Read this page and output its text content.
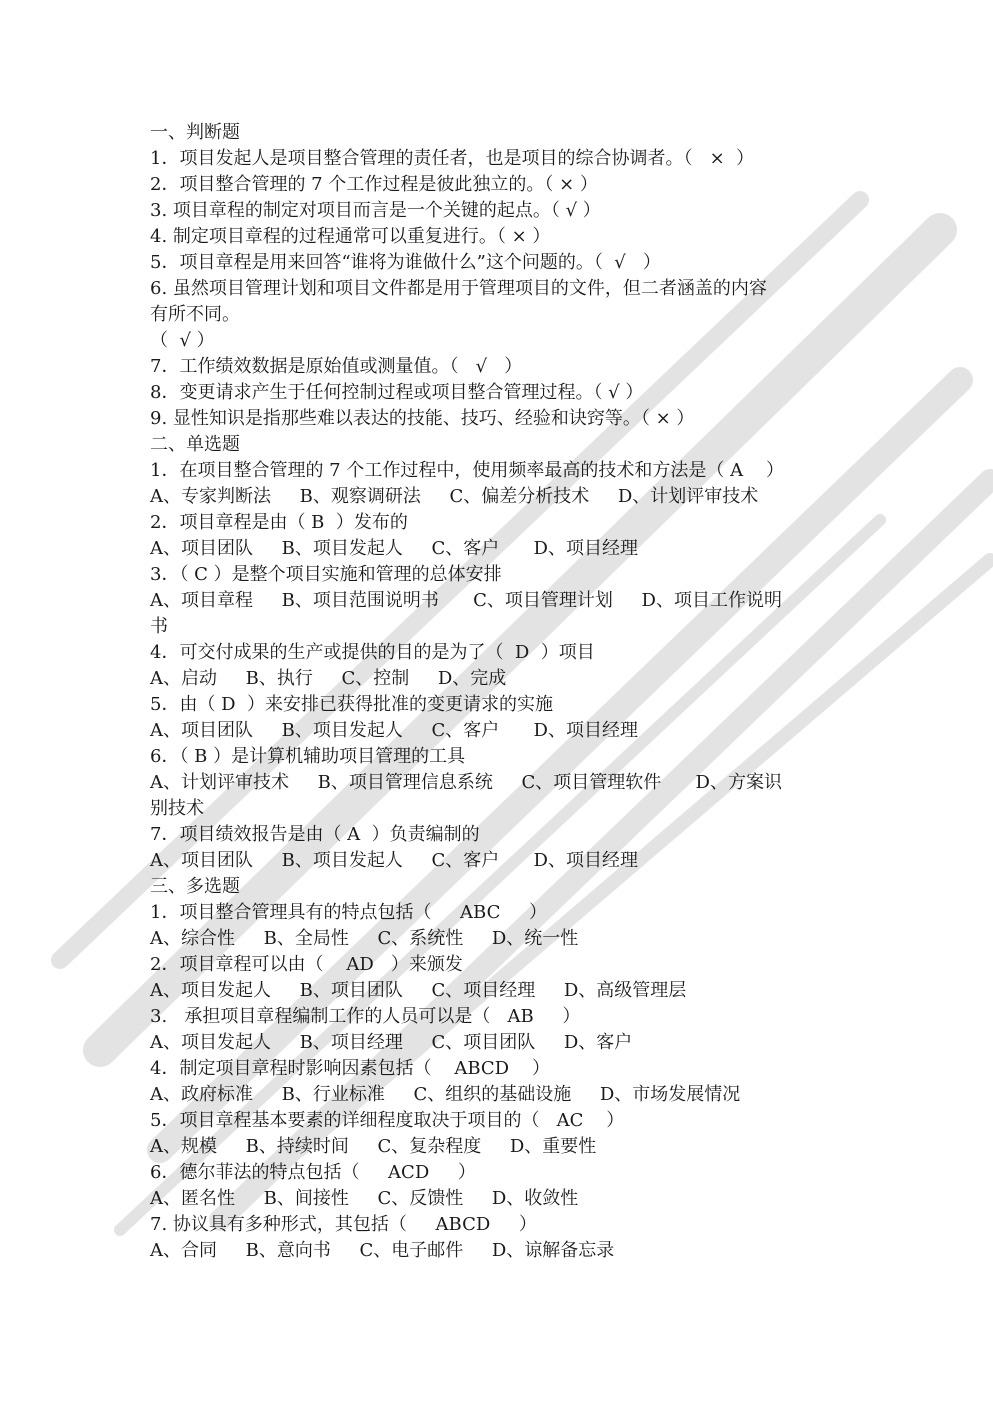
一、判断题
1．项目发起人是项目整合管理的责任者，也是项目的综合协调者。（   ×  ）
2．项目整合管理的 7 个工作过程是彼此独立的。（ × ）
3. 项目章程的制定对项目而言是一个关键的起点。（ √ ）
4. 制定项目章程的过程通常可以重复进行。（ × ）
5．项目章程是用来回答“谁将为谁做什么”这个问题的。（  √   ）
6. 虽然项目管理计划和项目文件都是用于管理项目的文件，但二者涵盖的内容
有所不同。
（  √ ）
7．工作绩效数据是原始值或测量值。（   √   ）
8．变更请求产生于任何控制过程或项目整合管理过程。（ √ ）
9. 显性知识是指那些难以表达的技能、技巧、经验和诀窍等。（ × ）
二、单选题
1．在项目整合管理的 7 个工作过程中，使用频率最高的技术和方法是（ A    ）
A、专家判断法     B、观察调研法     C、偏差分析技术     D、计划评审技术
2．项目章程是由（ B  ）发布的
A、项目团队     B、项目发起人     C、客户      D、项目经理
3．（ C ）是整个项目实施和管理的总体安排
A、项目章程     B、项目范围说明书      C、项目管理计划     D、项目工作说明
书
4．可交付成果的生产或提供的目的是为了（  D  ）项目
A、启动     B、执行     C、控制     D、完成
5．由（ D  ）来安排已获得批准的变更请求的实施
A、项目团队     B、项目发起人     C、客户      D、项目经理
6．（ B ）是计算机辅助项目管理的工具
A、计划评审技术     B、项目管理信息系统     C、项目管理软件      D、方案识
别技术
7．项目绩效报告是由（ A  ）负责编制的
A、项目团队     B、项目发起人     C、客户      D、项目经理
三、多选题
1．项目整合管理具有的特点包括（     ABC     ）
A、综合性     B、全局性     C、系统性     D、统一性
2．项目章程可以由（    AD   ）来颁发
A、项目发起人     B、项目团队     C、项目经理     D、高级管理层
3.   承担项目章程编制工作的人员可以是（   AB     ）
A、项目发起人     B、项目经理     C、项目团队     D、客户
4．制定项目章程时影响因素包括（    ABCD    ）
A、政府标准     B、行业标准     C、组织的基础设施     D、市场发展情况
5．项目章程基本要素的详细程度取决于项目的（   AC    ）
A、规模     B、持续时间     C、复杂程度     D、重要性
6．德尔菲法的特点包括（     ACD     ）
A、匿名性     B、间接性     C、反馈性     D、收敛性
7. 协议具有多种形式，其包括（     ABCD     ）
A、合同     B、意向书     C、电子邮件     D、谅解备忘录
